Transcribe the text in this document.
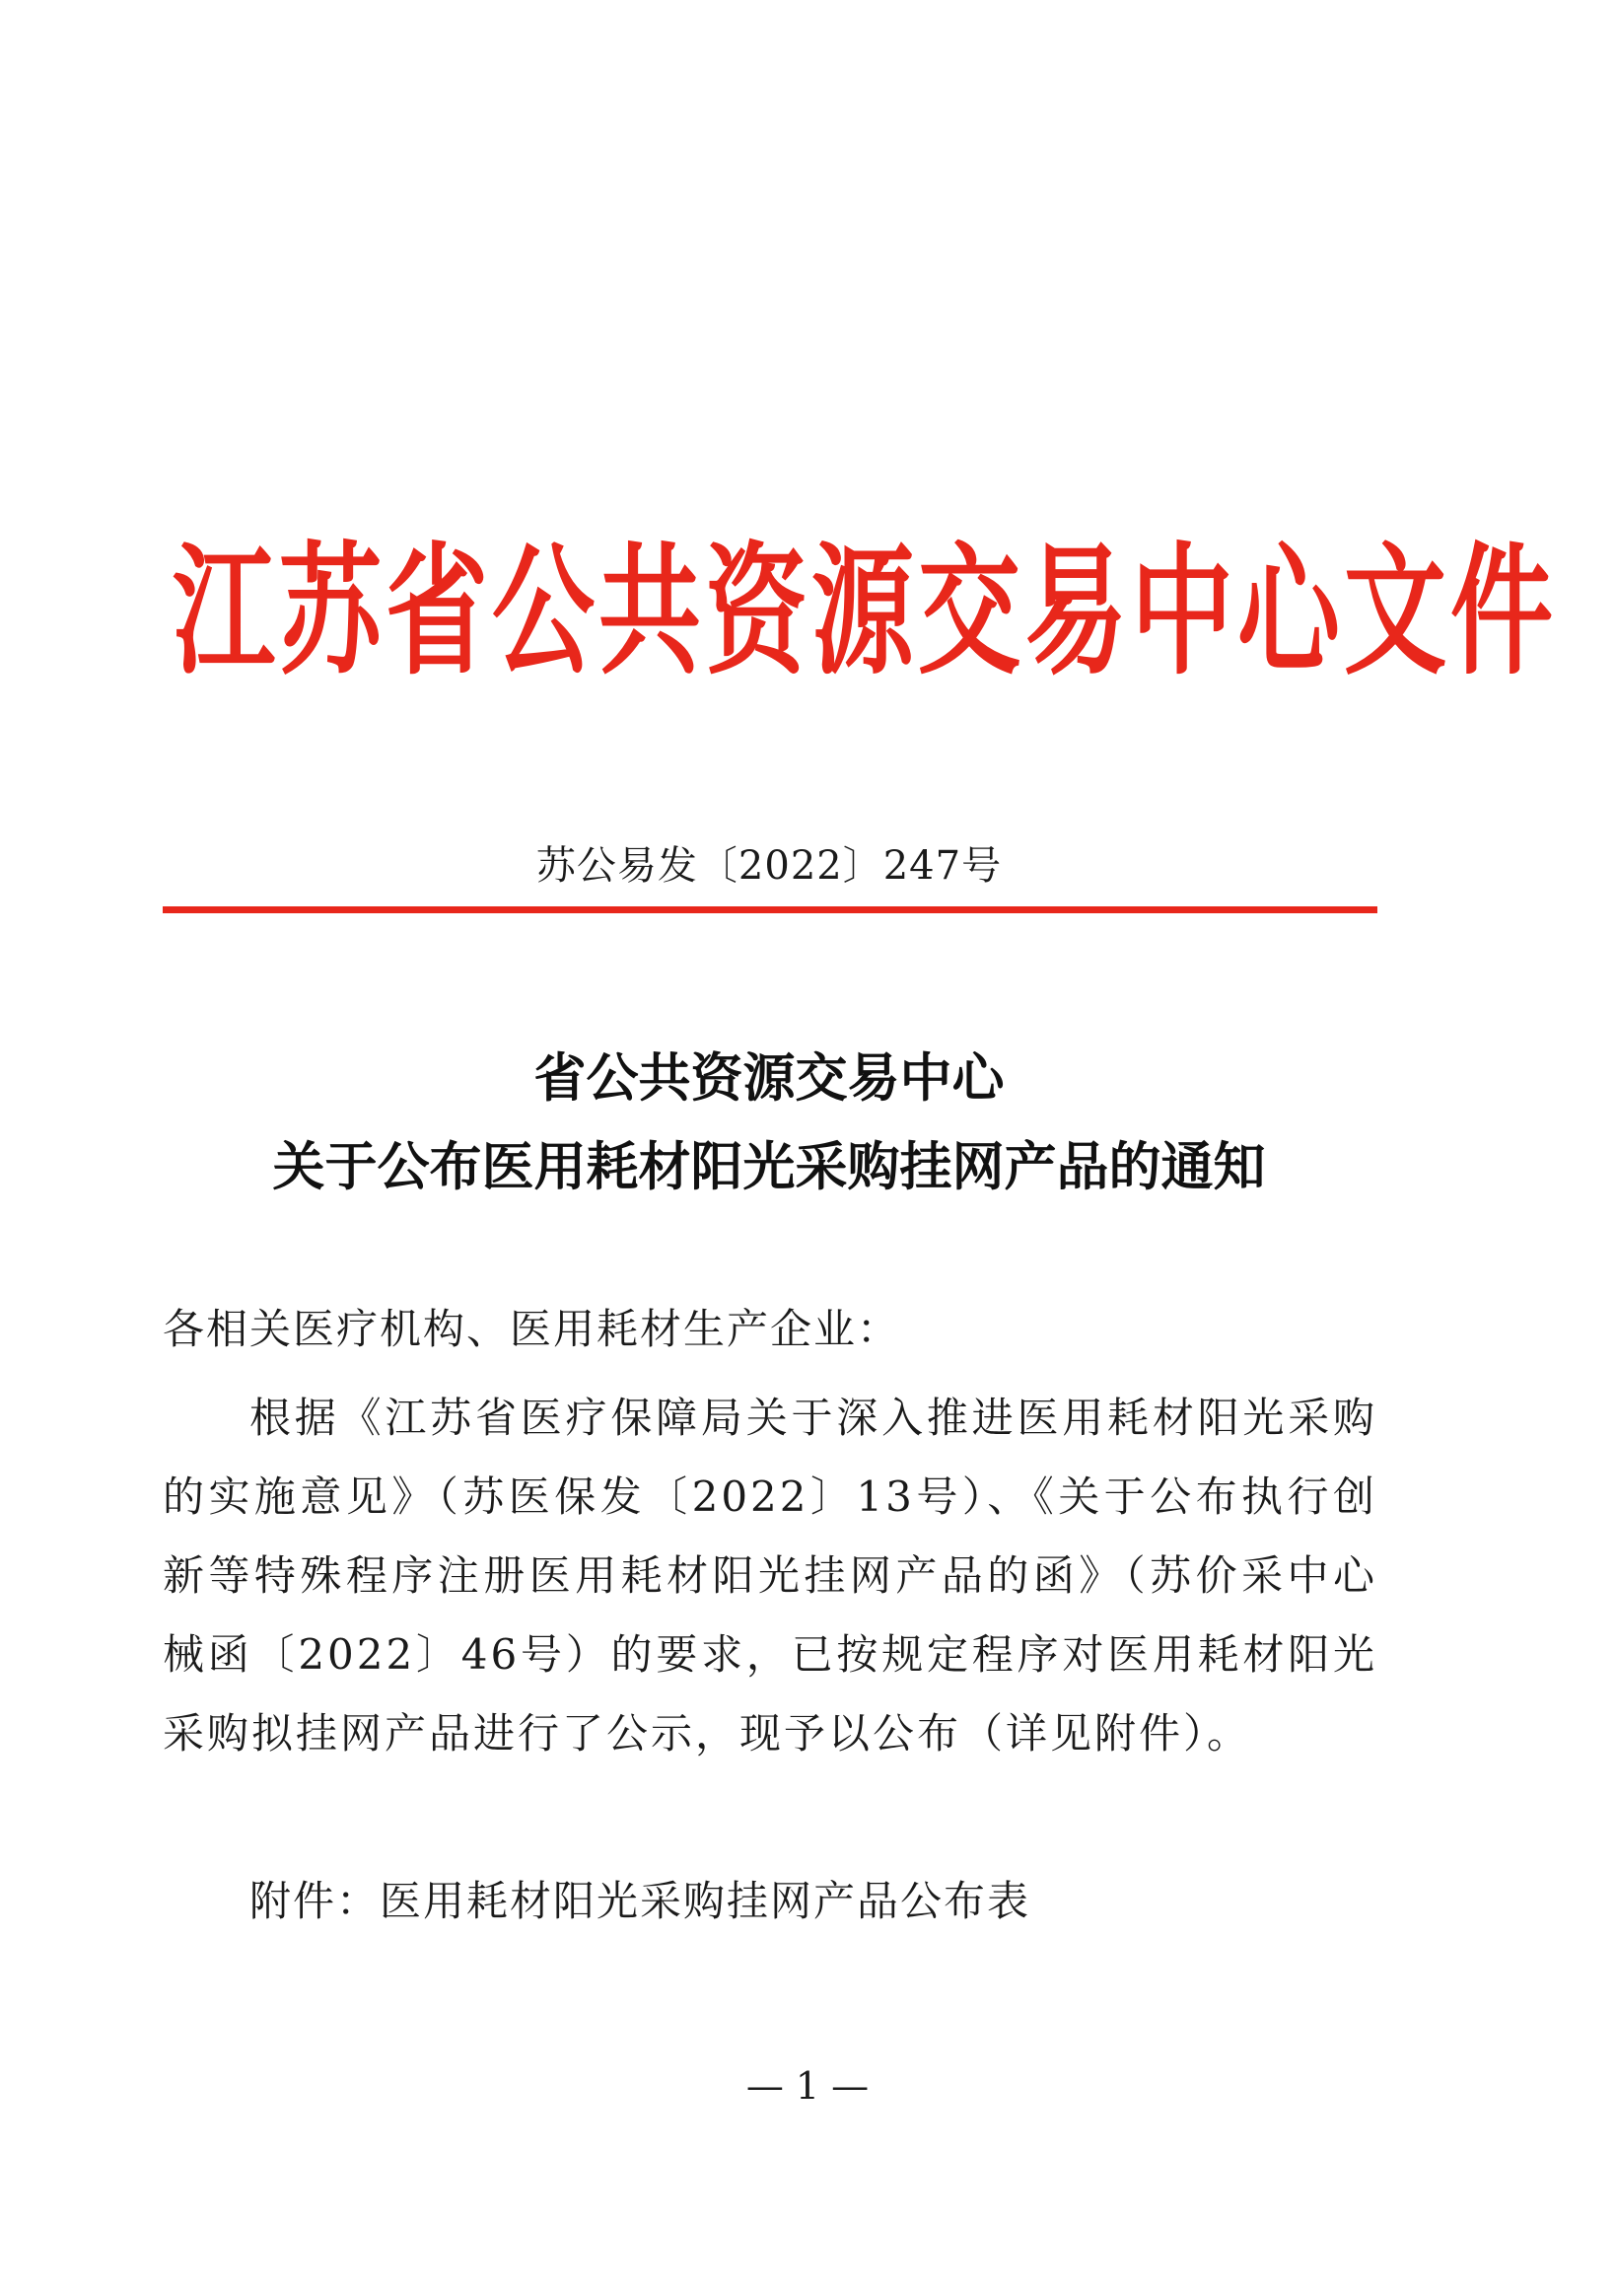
江苏省公共资源交易中心文件
苏公易发〔2022〕247号
省公共资源交易中心
关于公布医用耗材阳光采购挂网产品的通知
各相关医疗机构、医用耗材生产企业：
根据《江苏省医疗保障局关于深入推进医用耗材阳光采购的实施意见》（苏医保发〔2022〕13号）、《关于公布执行创新等特殊程序注册医用耗材阳光挂网产品的函》（苏价采中心械函〔2022〕46号）的要求，已按规定程序对医用耗材阳光采购拟挂网产品进行了公示，现予以公布（详见附件）。
附件：医用耗材阳光采购挂网产品公布表
— 1 —
